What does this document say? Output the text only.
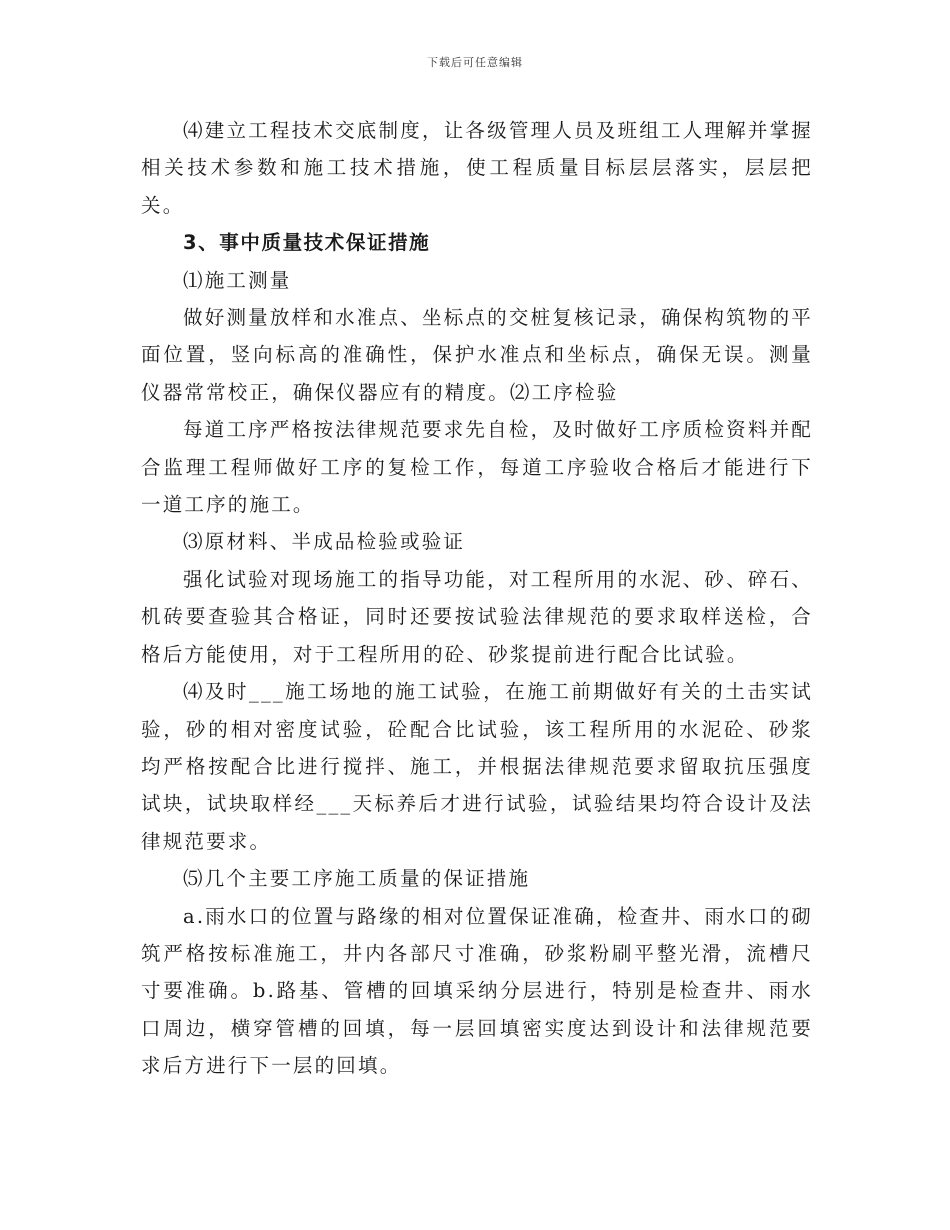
下载后可任意编辑

⑷建立工程技术交底制度，让各级管理人员及班组工人理解并掌握相关技术参数和施工技术措施，使工程质量目标层层落实，层层把关。

3、事中质量技术保证措施

⑴施工测量

做好测量放样和水准点、坐标点的交桩复核记录，确保构筑物的平面位置，竖向标高的准确性，保护水准点和坐标点，确保无误。测量仪器常常校正，确保仪器应有的精度。⑵工序检验

每道工序严格按法律规范要求先自检，及时做好工序质检资料并配合监理工程师做好工序的复检工作，每道工序验收合格后才能进行下一道工序的施工。

⑶原材料、半成品检验或验证

强化试验对现场施工的指导功能，对工程所用的水泥、砂、碎石、机砖要查验其合格证，同时还要按试验法律规范的要求取样送检，合格后方能使用，对于工程所用的砼、砂浆提前进行配合比试验。

⑷及时___施工场地的施工试验，在施工前期做好有关的土击实试验，砂的相对密度试验，砼配合比试验，该工程所用的水泥砼、砂浆均严格按配合比进行搅拌、施工，并根据法律规范要求留取抗压强度试块，试块取样经___天标养后才进行试验，试验结果均符合设计及法律规范要求。

⑸几个主要工序施工质量的保证措施

a.雨水口的位置与路缘的相对位置保证准确，检查井、雨水口的砌筑严格按标准施工，井内各部尺寸准确，砂浆粉刷平整光滑，流槽尺寸要准确。b.路基、管槽的回填采纳分层进行，特别是检查井、雨水口周边，横穿管槽的回填，每一层回填密实度达到设计和法律规范要求后方进行下一层的回填。
